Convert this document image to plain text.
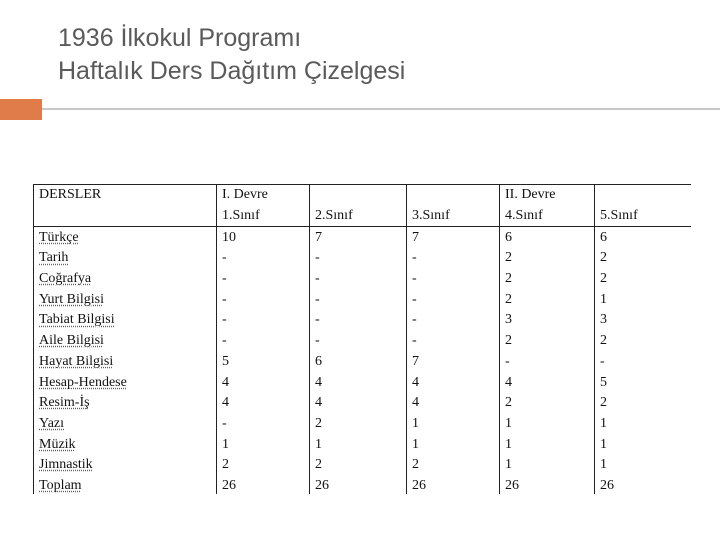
1936 İlkokul Programı
Haftalık Ders Dağıtım Çizelgesi
DERSLER	I. Devre			II. Devre	
	1.Sınıf	2.Sınıf	3.Sınıf	4.Sınıf	5.Sınıf
Türkçe	10	7	7	6	6
Tarih	-	-	-	2	2
Coğrafya	-	-	-	2	2
Yurt Bilgisi	-	-	-	2	1
Tabiat Bilgisi	-	-	-	3	3
Aile Bilgisi	-	-	-	2	2
Hayat Bilgisi	5	6	7	-	-
Hesap-Hendese	4	4	4	4	5
Resim-İş	4	4	4	2	2
Yazı	-	2	1	1	1
Müzik	1	1	1	1	1
Jimnastik	2	2	2	1	1
Toplam	26	26	26	26	26
